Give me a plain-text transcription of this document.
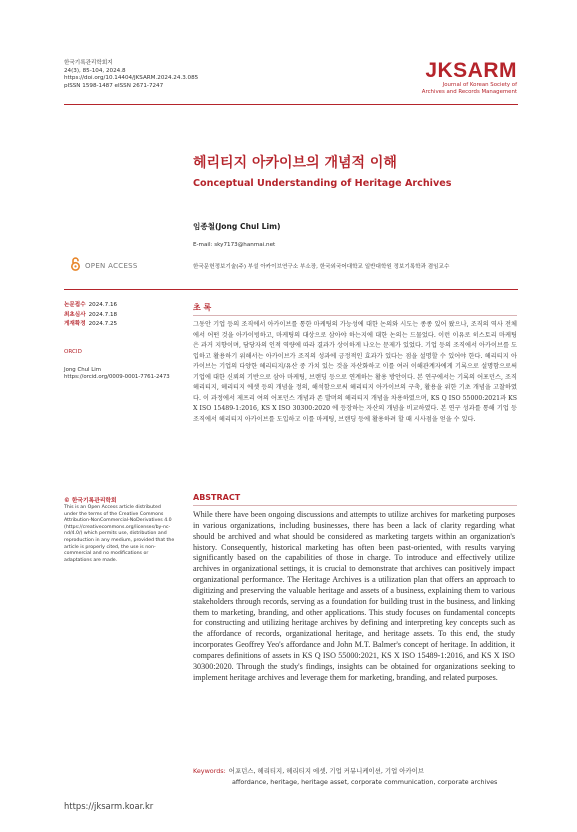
한국기록관리학회지
24(3), 85-104, 2024.8
https://doi.org/10.14404/JKSARM.2024.24.3.085
pISSN 1598-1487 eISSN 2671-7247
JKSARM
Journal of Korean Society of
Archives and Records Management
헤리티지 아카이브의 개념적 이해
Conceptual Understanding of Heritage Archives
임종철(Jong Chul Lim)
E-mail: sky7173@hanmai.net
한국문헌정보기술(주) 부설 아카이브연구소 부소장, 한국외국어대학교 일반대학원 정보기록학과 겸임교수
OPEN ACCESS
논문접수 2024.7.16
최초심사 2024.7.18
게재확정 2024.7.25
ORCID
Jong Chul Lim
https://orcid.org/0009-0001-7761-2473
© 한국기록관리학회
This is an Open Access article distributed under the terms of the Creative Commons Attribution-NonCommercial-NoDerivatives 4.0 (https://creativecommons.org/licenses/by-nc-nd/4.0/) which permits use, distribution and reproduction in any medium, provided that the article is properly cited, the use is non-commercial and no modifications or adaptations are made.
https://jksarm.koar.kr
초 록
그동안 기업 등의 조직에서 아카이브를 통한 마케팅의 가능성에 대한 논의와 시도는 종종 있어 왔으나, 조직의 역사 전체에서 어떤 것을 아카이빙하고, 마케팅의 대상으로 삼아야 하는지에 대한 논의는 드물었다. 이런 이유로 히스토리 마케팅은 과거 지향이며, 담당자의 인적 역량에 따라 결과가 상이하게 나오는 문제가 있었다. 기업 등의 조직에서 아카이브를 도입하고 활용하기 위해서는 아카이브가 조직의 성과에 긍정적인 효과가 있다는 점을 설명할 수 있어야 한다. 헤리티지 아카이브는 기업의 다양한 헤리티지/유산 중 가치 있는 것을 자산화하고 이를 여러 이해관계자에게 기록으로 설명함으로써 기업에 대한 신뢰의 기반으로 삼아 마케팅, 브랜딩 등으로 연계하는 활용 방안이다. 본 연구에서는 기록의 어포던스, 조직 헤리티지, 헤리티지 에셋 등의 개념을 정의, 해석함으로써 헤리티지 아카이브의 구축, 활용을 위한 기초 개념을 고찰하였다. 이 과정에서 제프리 여의 어포던스 개념과 존 발머의 헤리티지 개념을 차용하였으며, KS Q ISO 55000:2021과 KS X ISO 15489-1:2016, KS X ISO 30300:2020 에 등장하는 자산의 개념을 비교하였다. 본 연구 성과를 통해 기업 등 조직에서 헤리티지 아카이브를 도입하고 이를 마케팅, 브랜딩 등에 활용하려 할 때 시사점을 얻을 수 있다.
ABSTRACT
While there have been ongoing discussions and attempts to utilize archives for marketing purposes in various organizations, including businesses, there has been a lack of clarity regarding what should be archived and what should be considered as marketing targets within an organization's history. Consequently, historical marketing has often been past-oriented, with results varying significantly based on the capabilities of those in charge. To introduce and effectively utilize archives in organizational settings, it is crucial to demonstrate that archives can positively impact organizational performance. The Heritage Archives is a utilization plan that offers an approach to digitizing and preserving the valuable heritage and assets of a business, explaining them to various stakeholders through records, serving as a foundation for building trust in the business, and linking them to marketing, branding, and other applications. This study focuses on fundamental concepts for constructing and utilizing heritage archives by defining and interpreting key concepts such as the affordance of records, organizational heritage, and heritage assets. To this end, the study incorporates Geoffrey Yeo's affordance and John M.T. Balmer's concept of heritage. In addition, it compares definitions of assets in KS Q ISO 55000:2021, KS X ISO 15489-1:2016, and KS X ISO 30300:2020. Through the study's findings, insights can be obtained for organizations seeking to implement heritage archives and leverage them for marketing, branding, and related purposes.
Keywords: 어포던스, 헤리티지, 헤리티지 에셋, 기업 커뮤니케이션, 기업 아카이브
affordance, heritage, heritage asset, corporate communication, corporate archives
